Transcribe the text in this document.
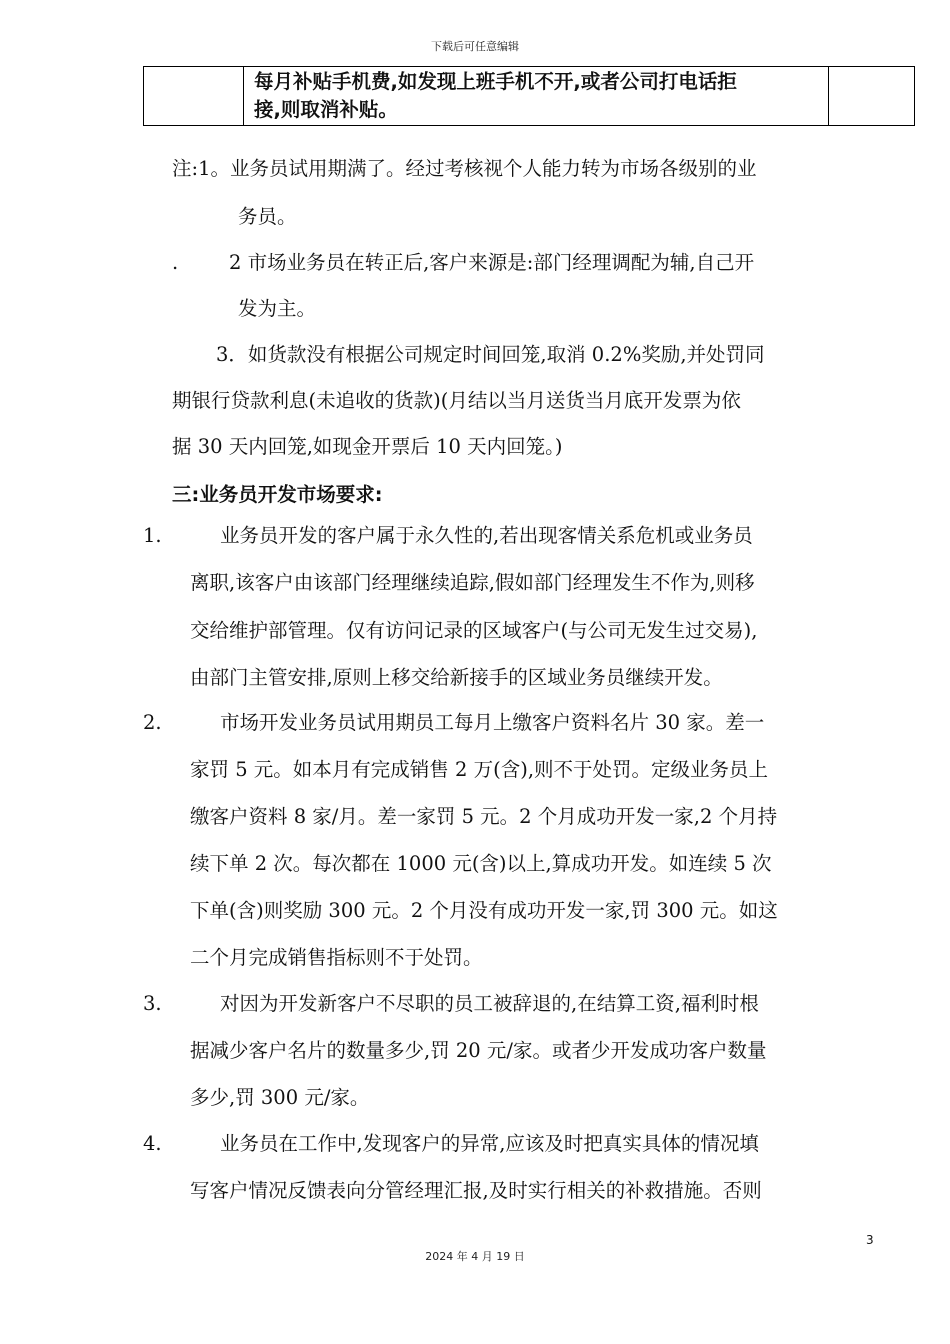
下载后可任意编辑

每月补贴手机费,如发现上班手机不开,或者公司打电话拒
接,则取消补贴。

注:1。业务员试用期满了。经过考核视个人能力转为市场各级别的业
务员。
.	2 市场业务员在转正后,客户来源是:部门经理调配为辅,自己开
发为主。
3．如货款没有根据公司规定时间回笼,取消 0.2%奖励,并处罚同
期银行贷款利息(未追收的货款)(月结以当月送货当月底开发票为依
据 30 天内回笼,如现金开票后 10 天内回笼。)
三:业务员开发市场要求:
1.	业务员开发的客户属于永久性的,若出现客情关系危机或业务员
离职,该客户由该部门经理继续追踪,假如部门经理发生不作为,则移
交给维护部管理。仅有访问记录的区域客户(与公司无发生过交易),
由部门主管安排,原则上移交给新接手的区域业务员继续开发。
2.	市场开发业务员试用期员工每月上缴客户资料名片 30 家。差一
家罚 5 元。如本月有完成销售 2 万(含),则不于处罚。定级业务员上
缴客户资料 8 家/月。差一家罚 5 元。2 个月成功开发一家,2 个月持
续下单 2 次。每次都在 1000 元(含)以上,算成功开发。如连续 5 次
下单(含)则奖励 300 元。2 个月没有成功开发一家,罚 300 元。如这
二个月完成销售指标则不于处罚。
3.	对因为开发新客户不尽职的员工被辞退的,在结算工资,福利时根
据减少客户名片的数量多少,罚 20 元/家。或者少开发成功客户数量
多少,罚 300 元/家。
4.	业务员在工作中,发现客户的异常,应该及时把真实具体的情况填
写客户情况反馈表向分管经理汇报,及时实行相关的补救措施。否则
3
2024 年 4 月 19 日
